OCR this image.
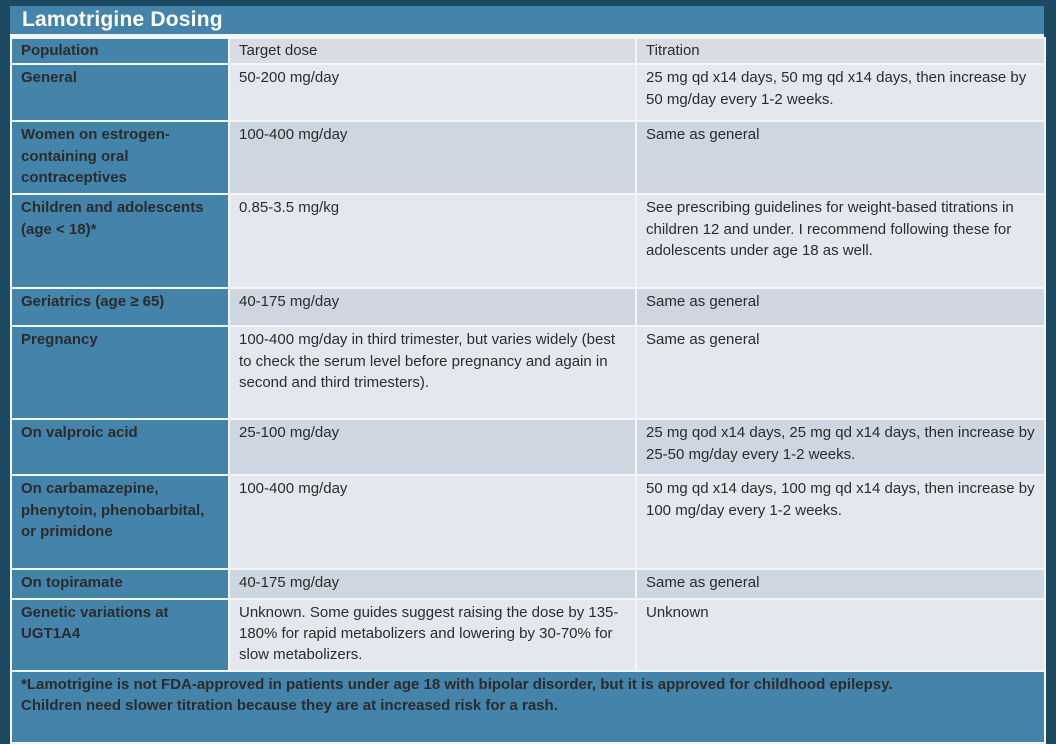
Lamotrigine Dosing
Population	Target dose	Titration
General	50-200 mg/day	25 mg qd x14 days, 50 mg qd x14 days, then increase by 50 mg/day every 1-2 weeks.
Women on estrogen-containing oral contraceptives	100-400 mg/day	Same as general
Children and adolescents (age < 18)*	0.85-3.5 mg/kg	See prescribing guidelines for weight-based titrations in children 12 and under. I recommend following these for adolescents under age 18 as well.
Geriatrics (age ≥ 65)	40-175 mg/day	Same as general
Pregnancy	100-400 mg/day in third trimester, but varies widely (best to check the serum level before pregnancy and again in second and third trimesters).	Same as general
On valproic acid	25-100 mg/day	25 mg qod x14 days, 25 mg qd x14 days, then increase by 25-50 mg/day every 1-2 weeks.
On carbamazepine, phenytoin, phenobarbital, or primidone	100-400 mg/day	50 mg qd x14 days, 100 mg qd x14 days, then increase by 100 mg/day every 1-2 weeks.
On topiramate	40-175 mg/day	Same as general
Genetic variations at UGT1A4	Unknown. Some guides suggest raising the dose by 135-180% for rapid metabolizers and lowering by 30-70% for slow metabolizers.	Unknown

*Lamotrigine is not FDA-approved in patients under age 18 with bipolar disorder, but it is approved for childhood epilepsy.
Children need slower titration because they are at increased risk for a rash.		
